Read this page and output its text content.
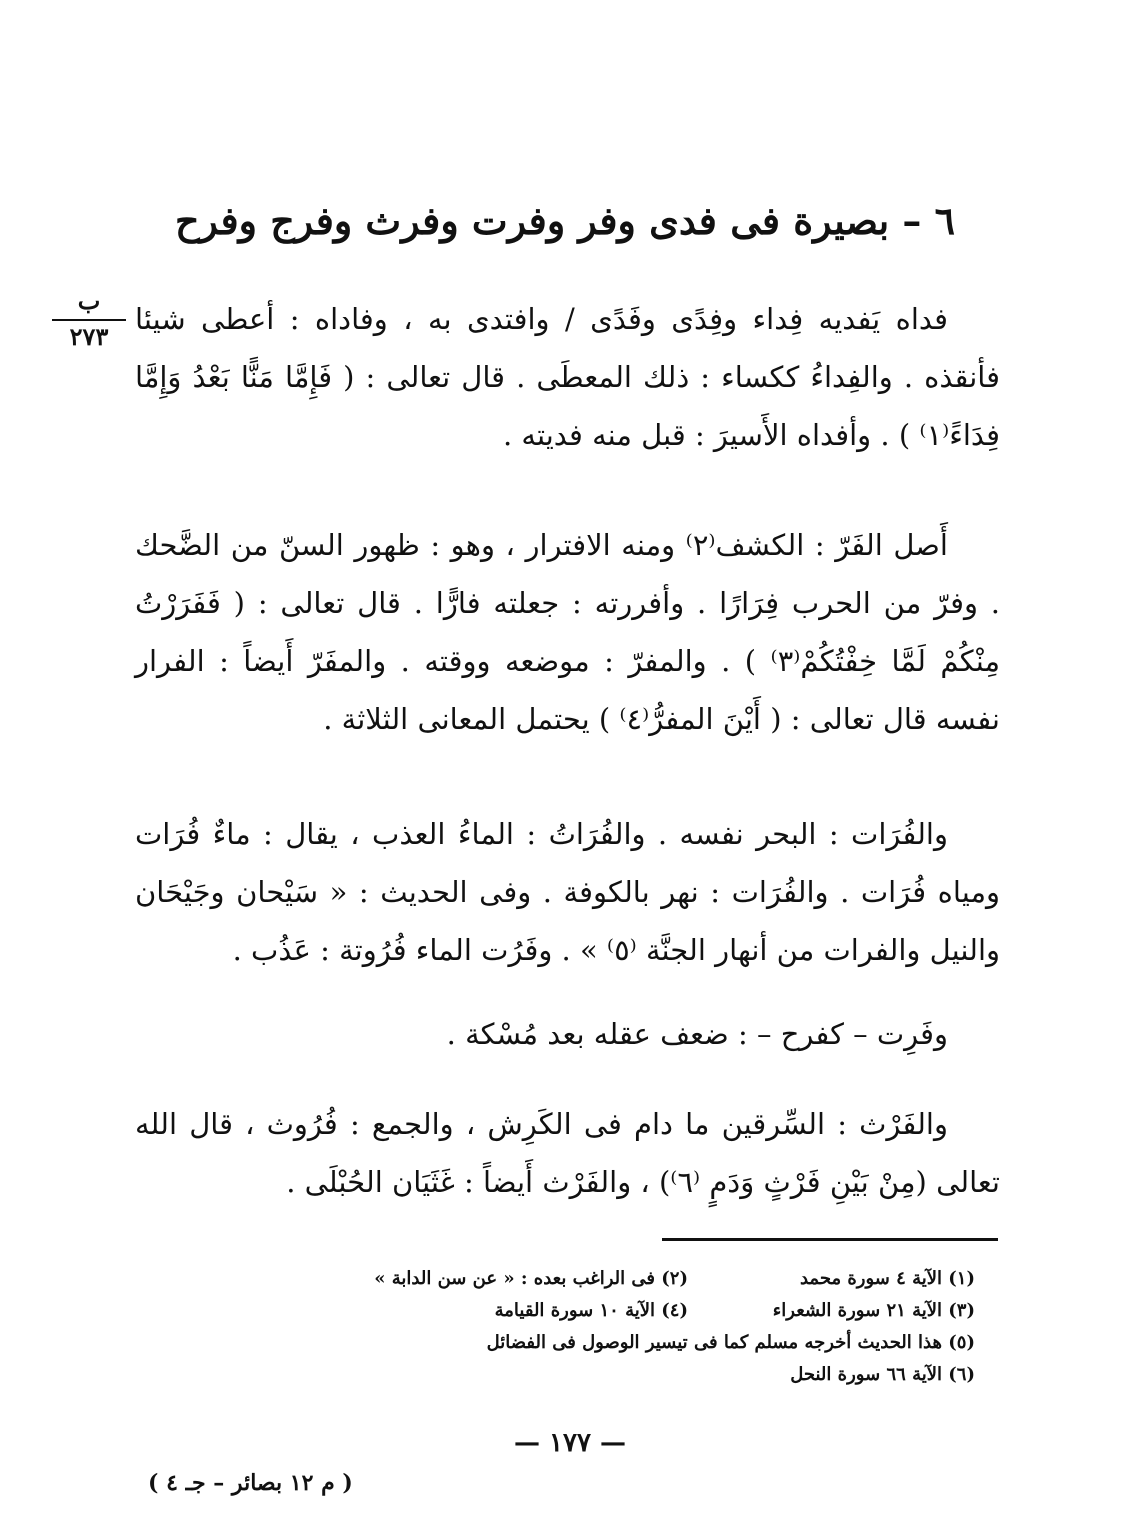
٦ – بصيرة فى فدى وفر وفرت وفرث وفرج وفرح
ب
٢٧٣

فداه يَفديه فِداء وفِدًى وفَدًى / وافتدى به ، وفاداه : أعطى شيئا فأنقذه . والفِداءُ ككساء : ذلك المعطَى . قال تعالى : ( فَإِمَّا مَنًّا بَعْدُ وَإِمَّا فِدَاءً⁽١⁾ ) . وأفداه الأَسيرَ : قبل منه فديته .

أَصل الفَرّ : الكشف⁽٢⁾ ومنه الافترار ، وهو : ظهور السنّ من الضَّحك . وفرّ من الحرب فِرَارًا . وأفررته : جعلته فارًّا . قال تعالى : ( فَفَرَرْتُ مِنْكُمْ لَمَّا خِفْتُكُمْ⁽٣⁾ ) . والمفرّ : موضعه ووقته . والمفَرّ أَيضاً : الفرار نفسه قال تعالى : ( أَيْنَ المفرُّ⁽٤⁾ ) يحتمل المعانى الثلاثة .

والفُرَات : البحر نفسه . والفُرَاتُ : الماءُ العذب ، يقال : ماءٌ فُرَات ومياه فُرَات . والفُرَات : نهر بالكوفة . وفى الحديث : « سَيْحان وجَيْحَان والنيل والفرات من أنهار الجنَّة ⁽٥⁾ » . وفَرُت الماء فُرُوتة : عَذُب .

وفَرِت – كفرح – : ضعف عقله بعد مُسْكة .

والفَرْث : السِّرقين ما دام فى الكَرِش ، والجمع : فُرُوث ، قال الله تعالى (مِنْ بَيْنِ فَرْثٍ وَدَمٍ ⁽٦⁾) ، والفَرْث أَيضاً : غَثَيَان الحُبْلَى .

(١) الآية ٤ سورة محمد
(٢) فى الراغب بعده : « عن سن الدابة »
(٣) الآية ٢١ سورة الشعراء
(٤) الآية ١٠ سورة القيامة
(٥) هذا الحديث أخرجه مسلم كما فى تيسير الوصول فى الفضائل
(٦) الآية ٦٦ سورة النحل
— ١٧٧ —
( م ١٢ بصائر – جـ ٤ )
